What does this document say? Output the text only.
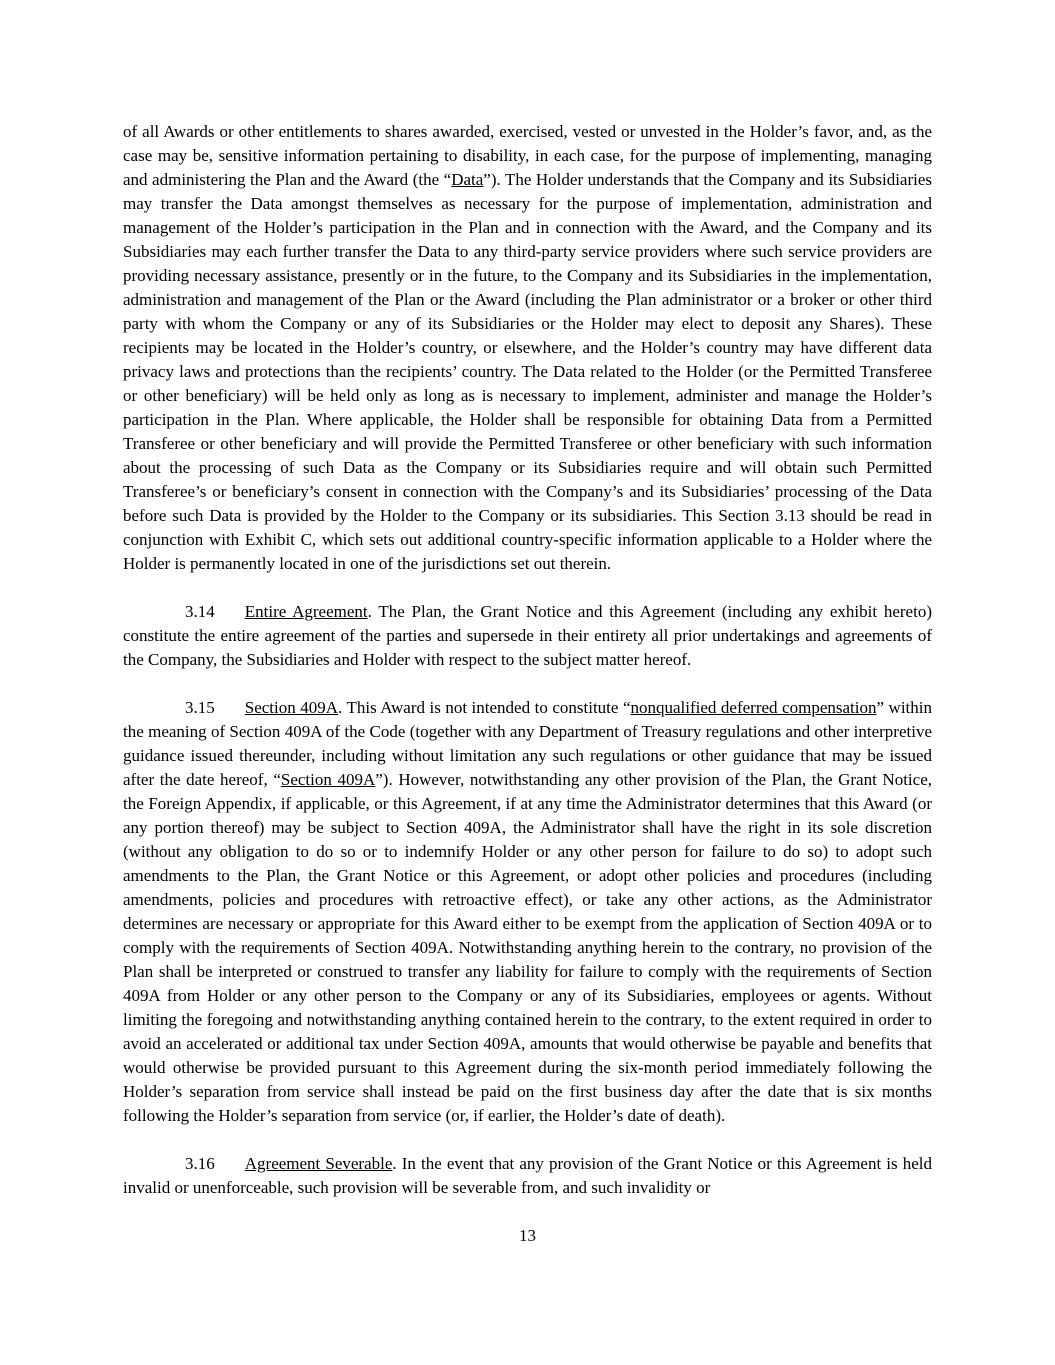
of all Awards or other entitlements to shares awarded, exercised, vested or unvested in the Holder’s favor, and, as the case may be, sensitive information pertaining to disability, in each case, for the purpose of implementing, managing and administering the Plan and the Award (the “Data”). The Holder understands that the Company and its Subsidiaries may transfer the Data amongst themselves as necessary for the purpose of implementation, administration and management of the Holder’s participation in the Plan and in connection with the Award, and the Company and its Subsidiaries may each further transfer the Data to any third-party service providers where such service providers are providing necessary assistance, presently or in the future, to the Company and its Subsidiaries in the implementation, administration and management of the Plan or the Award (including the Plan administrator or a broker or other third party with whom the Company or any of its Subsidiaries or the Holder may elect to deposit any Shares). These recipients may be located in the Holder’s country, or elsewhere, and the Holder’s country may have different data privacy laws and protections than the recipients’ country. The Data related to the Holder (or the Permitted Transferee or other beneficiary) will be held only as long as is necessary to implement, administer and manage the Holder’s participation in the Plan. Where applicable, the Holder shall be responsible for obtaining Data from a Permitted Transferee or other beneficiary and will provide the Permitted Transferee or other beneficiary with such information about the processing of such Data as the Company or its Subsidiaries require and will obtain such Permitted Transferee’s or beneficiary’s consent in connection with the Company’s and its Subsidiaries’ processing of the Data before such Data is provided by the Holder to the Company or its subsidiaries. This Section 3.13 should be read in conjunction with Exhibit C, which sets out additional country-specific information applicable to a Holder where the Holder is permanently located in one of the jurisdictions set out therein.

3.14 Entire Agreement. The Plan, the Grant Notice and this Agreement (including any exhibit hereto) constitute the entire agreement of the parties and supersede in their entirety all prior undertakings and agreements of the Company, the Subsidiaries and Holder with respect to the subject matter hereof.

3.15 Section 409A. This Award is not intended to constitute “nonqualified deferred compensation” within the meaning of Section 409A of the Code (together with any Department of Treasury regulations and other interpretive guidance issued thereunder, including without limitation any such regulations or other guidance that may be issued after the date hereof, “Section 409A”). However, notwithstanding any other provision of the Plan, the Grant Notice, the Foreign Appendix, if applicable, or this Agreement, if at any time the Administrator determines that this Award (or any portion thereof) may be subject to Section 409A, the Administrator shall have the right in its sole discretion (without any obligation to do so or to indemnify Holder or any other person for failure to do so) to adopt such amendments to the Plan, the Grant Notice or this Agreement, or adopt other policies and procedures (including amendments, policies and procedures with retroactive effect), or take any other actions, as the Administrator determines are necessary or appropriate for this Award either to be exempt from the application of Section 409A or to comply with the requirements of Section 409A. Notwithstanding anything herein to the contrary, no provision of the Plan shall be interpreted or construed to transfer any liability for failure to comply with the requirements of Section 409A from Holder or any other person to the Company or any of its Subsidiaries, employees or agents. Without limiting the foregoing and notwithstanding anything contained herein to the contrary, to the extent required in order to avoid an accelerated or additional tax under Section 409A, amounts that would otherwise be payable and benefits that would otherwise be provided pursuant to this Agreement during the six-month period immediately following the Holder’s separation from service shall instead be paid on the first business day after the date that is six months following the Holder’s separation from service (or, if earlier, the Holder’s date of death).

3.16 Agreement Severable. In the event that any provision of the Grant Notice or this Agreement is held invalid or unenforceable, such provision will be severable from, and such invalidity or

13
